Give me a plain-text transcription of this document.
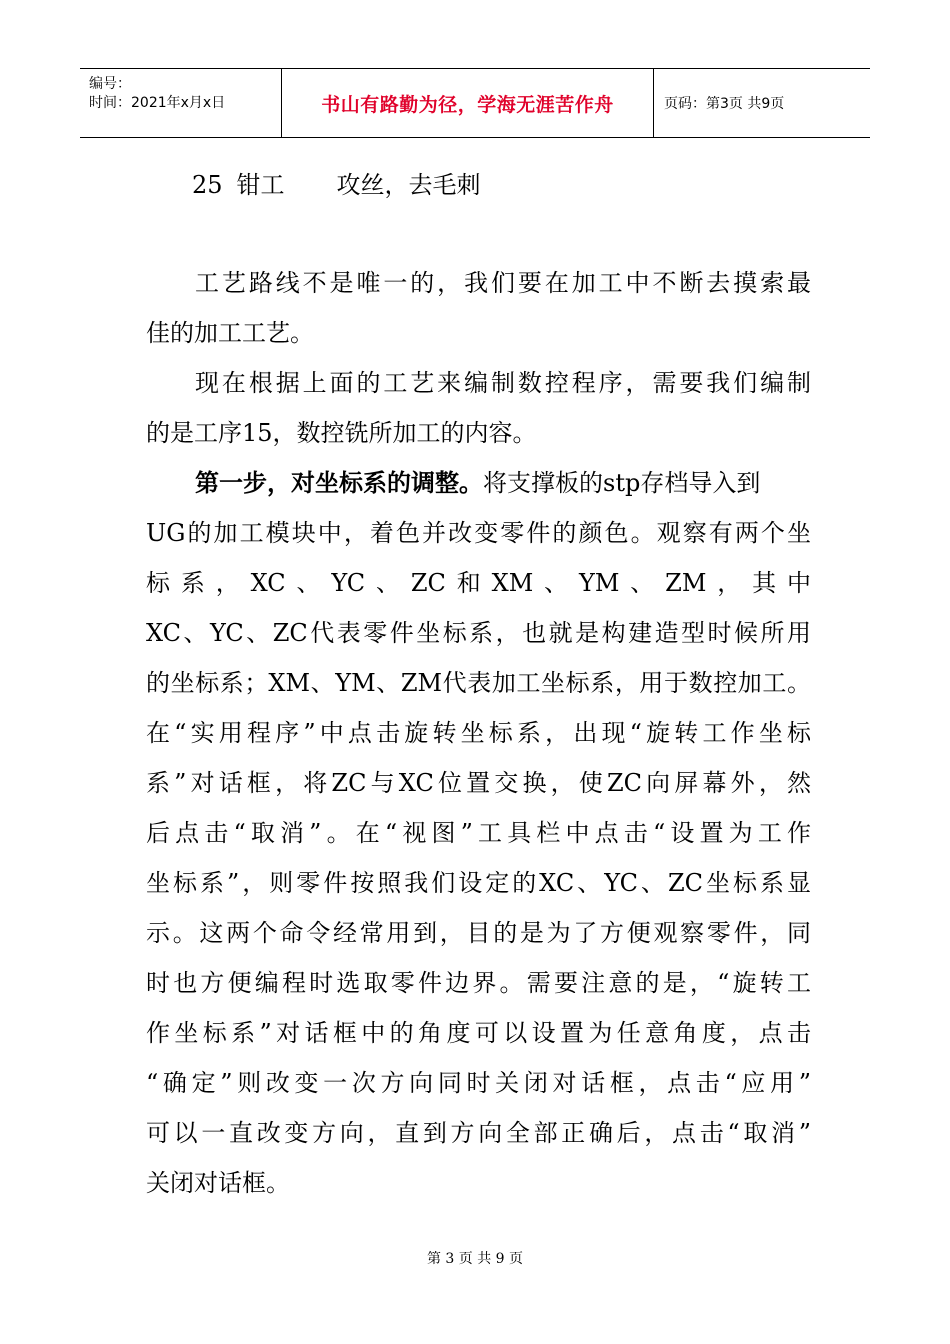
编号：
时间：2021年x月x日	书山有路勤为径，学海无涯苦作舟	页码：第3页 共9页
25 钳工 攻丝，去毛刺
工艺路线不是唯一的，我们要在加工中不断去摸索最
佳的加工工艺。
现在根据上面的工艺来编制数控程序，需要我们编制
的是工序15，数控铣所加工的内容。
第一步，对坐标系的调整。将支撑板的stp存档导入到
UG的加工模块中，着色并改变零件的颜色。观察有两个坐
标系，XC、YC、ZC和XM、YM、ZM，其中
XC、YC、ZC代表零件坐标系，也就是构建造型时候所用
的坐标系；XM、YM、ZM代表加工坐标系，用于数控加工。
在“实用程序”中点击旋转坐标系，出现“旋转工作坐标
系”对话框，将ZC与XC位置交换，使ZC向屏幕外，然
后点击“取消”。在“视图”工具栏中点击“设置为工作
坐标系”，则零件按照我们设定的XC、YC、ZC坐标系显
示。这两个命令经常用到，目的是为了方便观察零件，同
时也方便编程时选取零件边界。需要注意的是，“旋转工
作坐标系”对话框中的角度可以设置为任意角度，点击
“确定”则改变一次方向同时关闭对话框，点击“应用”
可以一直改变方向，直到方向全部正确后，点击“取消”
关闭对话框。
第 3 页 共 9 页
